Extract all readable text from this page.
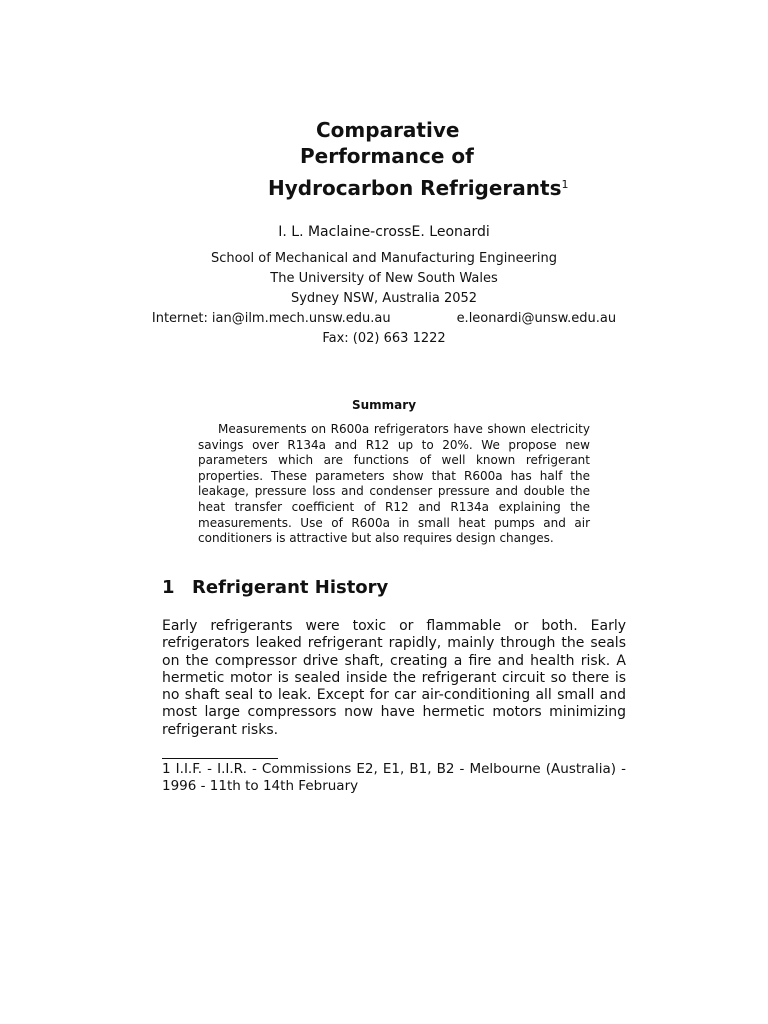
Comparative
Performance of
Hydrocarbon Refrigerants$^1$
I. L. Maclaine-crossE. Leonardi
School of Mechanical and Manufacturing Engineering
The University of New South Wales
Sydney NSW, Australia 2052
Internet: ian@ilm.mech.unsw.edu.au	e.leonardi@unsw.edu.au
Fax: (02) 663 1222
Summary
Measurements on R600a refrigerators have shown electricity savings over R134a and R12 up to 20%. We propose new parameters which are functions of well known refrigerant properties. These parameters show that R600a has half the leakage, pressure loss and condenser pressure and double the heat transfer coefficient of R12 and R134a explaining the measurements. Use of R600a in small heat pumps and air conditioners is attractive but also requires design changes.
1 Refrigerant History
Early refrigerants were toxic or flammable or both. Early refrigerators leaked refrigerant rapidly, mainly through the seals on the compressor drive shaft, creating a fire and health risk. A hermetic motor is sealed inside the refrigerant circuit so there is no shaft seal to leak. Except for car air-conditioning all small and most large compressors now have hermetic motors minimizing refrigerant risks.
1 I.I.F. - I.I.R. - Commissions E2, E1, B1, B2 - Melbourne (Australia) - 1996 - 11th to 14th February
